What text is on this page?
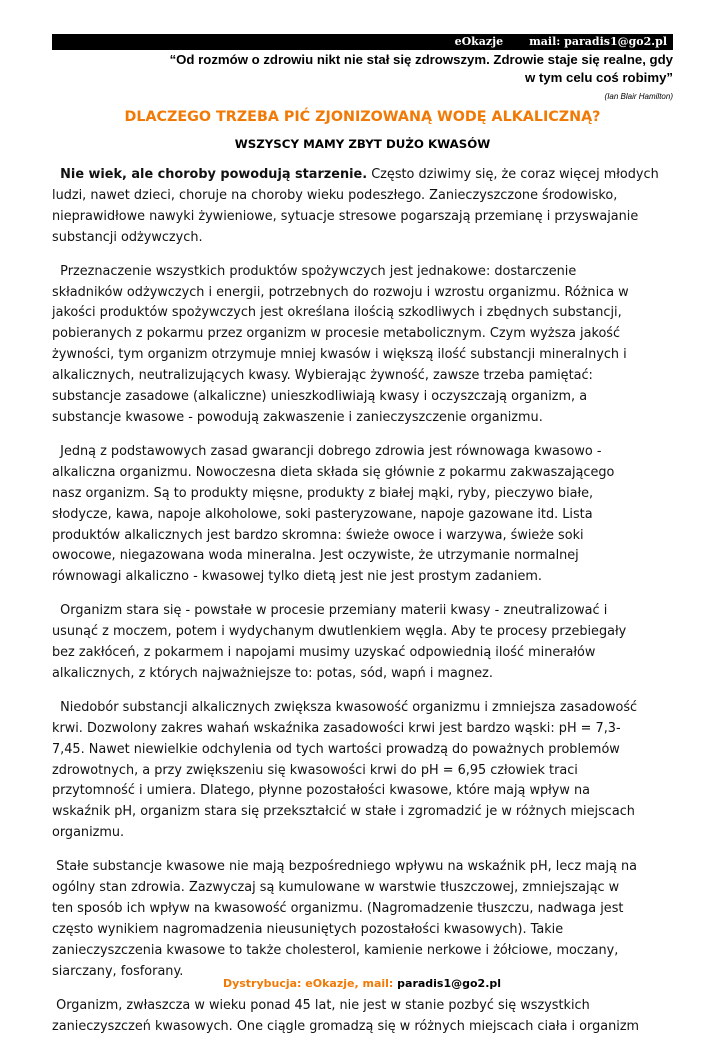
eOkazje mail: paradis1@go2.pl
“Od rozmów o zdrowiu nikt nie stał się zdrowszym. Zdrowie staje się realne, gdy
w tym celu coś robimy”
(Ian Blair Hamilton)
DLACZEGO TRZEBA PIĆ ZJONIZOWANĄ WODĘ ALKALICZNĄ?
WSZYSCY MAMY ZBYT DUŻO KWASÓW
Nie wiek, ale choroby powodują starzenie. Często dziwimy się, że coraz więcej młodych
ludzi, nawet dzieci, choruje na choroby wieku podeszłego. Zanieczyszczone środowisko,
nieprawidłowe nawyki żywieniowe, sytuacje stresowe pogarszają przemianę i przyswajanie
substancji odżywczych.
Przeznaczenie wszystkich produktów spożywczych jest jednakowe: dostarczenie
składników odżywczych i energii, potrzebnych do rozwoju i wzrostu organizmu. Różnica w
jakości produktów spożywczych jest określana ilością szkodliwych i zbędnych substancji,
pobieranych z pokarmu przez organizm w procesie metabolicznym. Czym wyższa jakość
żywności, tym organizm otrzymuje mniej kwasów i większą ilość substancji mineralnych i
alkalicznych, neutralizujących kwasy. Wybierając żywność, zawsze trzeba pamiętać:
substancje zasadowe (alkaliczne) unieszkodliwiają kwasy i oczyszczają organizm, a
substancje kwasowe - powodują zakwaszenie i zanieczyszczenie organizmu.
Jedną z podstawowych zasad gwarancji dobrego zdrowia jest równowaga kwasowo -
alkaliczna organizmu. Nowoczesna dieta składa się głównie z pokarmu zakwaszającego
nasz organizm. Są to produkty mięsne, produkty z białej mąki, ryby, pieczywo białe,
słodycze, kawa, napoje alkoholowe, soki pasteryzowane, napoje gazowane itd. Lista
produktów alkalicznych jest bardzo skromna: świeże owoce i warzywa, świeże soki
owocowe, niegazowana woda mineralna. Jest oczywiste, że utrzymanie normalnej
równowagi alkaliczno - kwasowej tylko dietą jest nie jest prostym zadaniem.
Organizm stara się - powstałe w procesie przemiany materii kwasy - zneutralizować i
usunąć z moczem, potem i wydychanym dwutlenkiem węgla. Aby te procesy przebiegały
bez zakłóceń, z pokarmem i napojami musimy uzyskać odpowiednią ilość minerałów
alkalicznych, z których najważniejsze to: potas, sód, wapń i magnez.
Niedobór substancji alkalicznych zwiększa kwasowość organizmu i zmniejsza zasadowość
krwi. Dozwolony zakres wahań wskaźnika zasadowości krwi jest bardzo wąski: pH = 7,3-
7,45. Nawet niewielkie odchylenia od tych wartości prowadzą do poważnych problemów
zdrowotnych, a przy zwiększeniu się kwasowości krwi do pH = 6,95 człowiek traci
przytomność i umiera. Dlatego, płynne pozostałości kwasowe, które mają wpływ na
wskaźnik pH, organizm stara się przekształcić w stałe i zgromadzić je w różnych miejscach
organizmu.
Stałe substancje kwasowe nie mają bezpośredniego wpływu na wskaźnik pH, lecz mają na
ogólny stan zdrowia. Zazwyczaj są kumulowane w warstwie tłuszczowej, zmniejszając w
ten sposób ich wpływ na kwasowość organizmu. (Nagromadzenie tłuszczu, nadwaga jest
często wynikiem nagromadzenia nieusuniętych pozostałości kwasowych). Takie
zanieczyszczenia kwasowe to także cholesterol, kamienie nerkowe i żółciowe, moczany,
siarczany, fosforany.
Organizm, zwłaszcza w wieku ponad 45 lat, nie jest w stanie pozbyć się wszystkich
zanieczyszczeń kwasowych. One ciągle gromadzą się w różnych miejscach ciała i organizm
Dystrybucja: eOkazje, mail: paradis1@go2.pl
